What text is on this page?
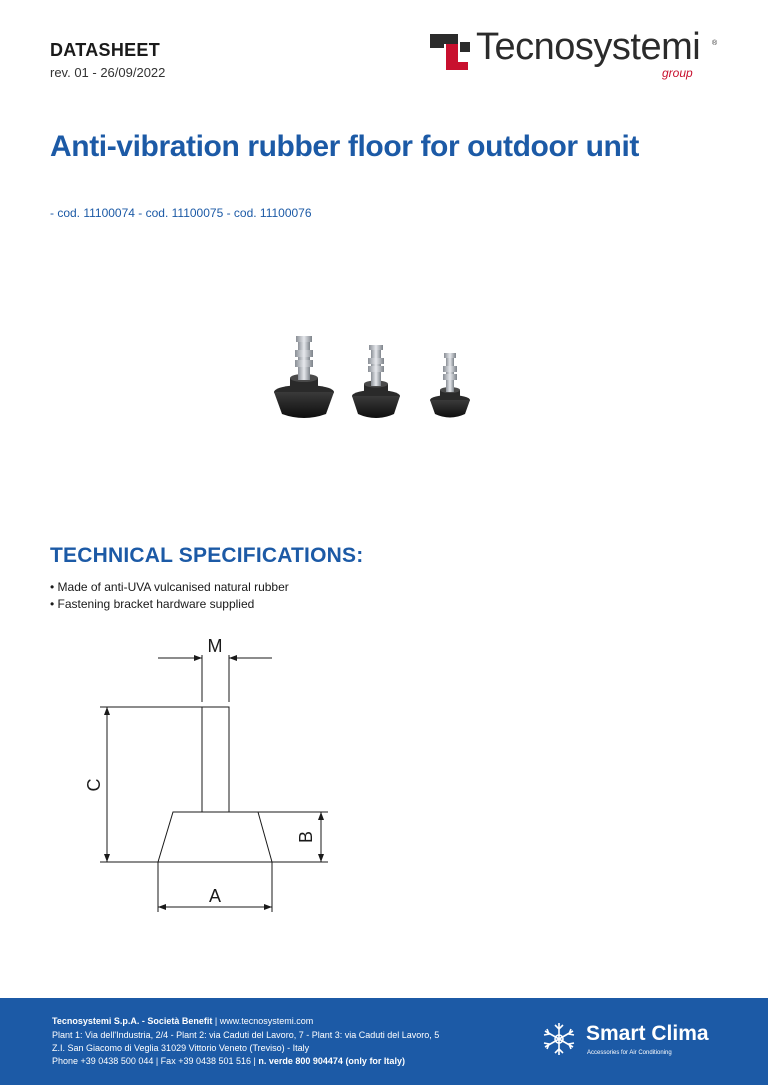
DATASHEET
rev. 01 - 26/09/2022
Tecnosystemi ®
group
Anti-vibration rubber floor for outdoor unit
- cod. 11100074 - cod. 11100075 - cod. 11100076
TECHNICAL SPECIFICATIONS:
• Made of anti-UVA vulcanised natural rubber
• Fastening bracket hardware supplied
M
C
B
A
Tecnosystemi S.p.A. - Società Benefit | www.tecnosystemi.com
Plant 1: Via dell'Industria, 2/4 - Plant 2: via Caduti del Lavoro, 7 - Plant 3: via Caduti del Lavoro, 5
Z.I. San Giacomo di Veglia 31029 Vittorio Veneto (Treviso) - Italy
Phone +39 0438 500 044 | Fax +39 0438 501 516 | n. verde 800 904474 (only for Italy)
Smart Clima
Accessories for Air Conditioning
